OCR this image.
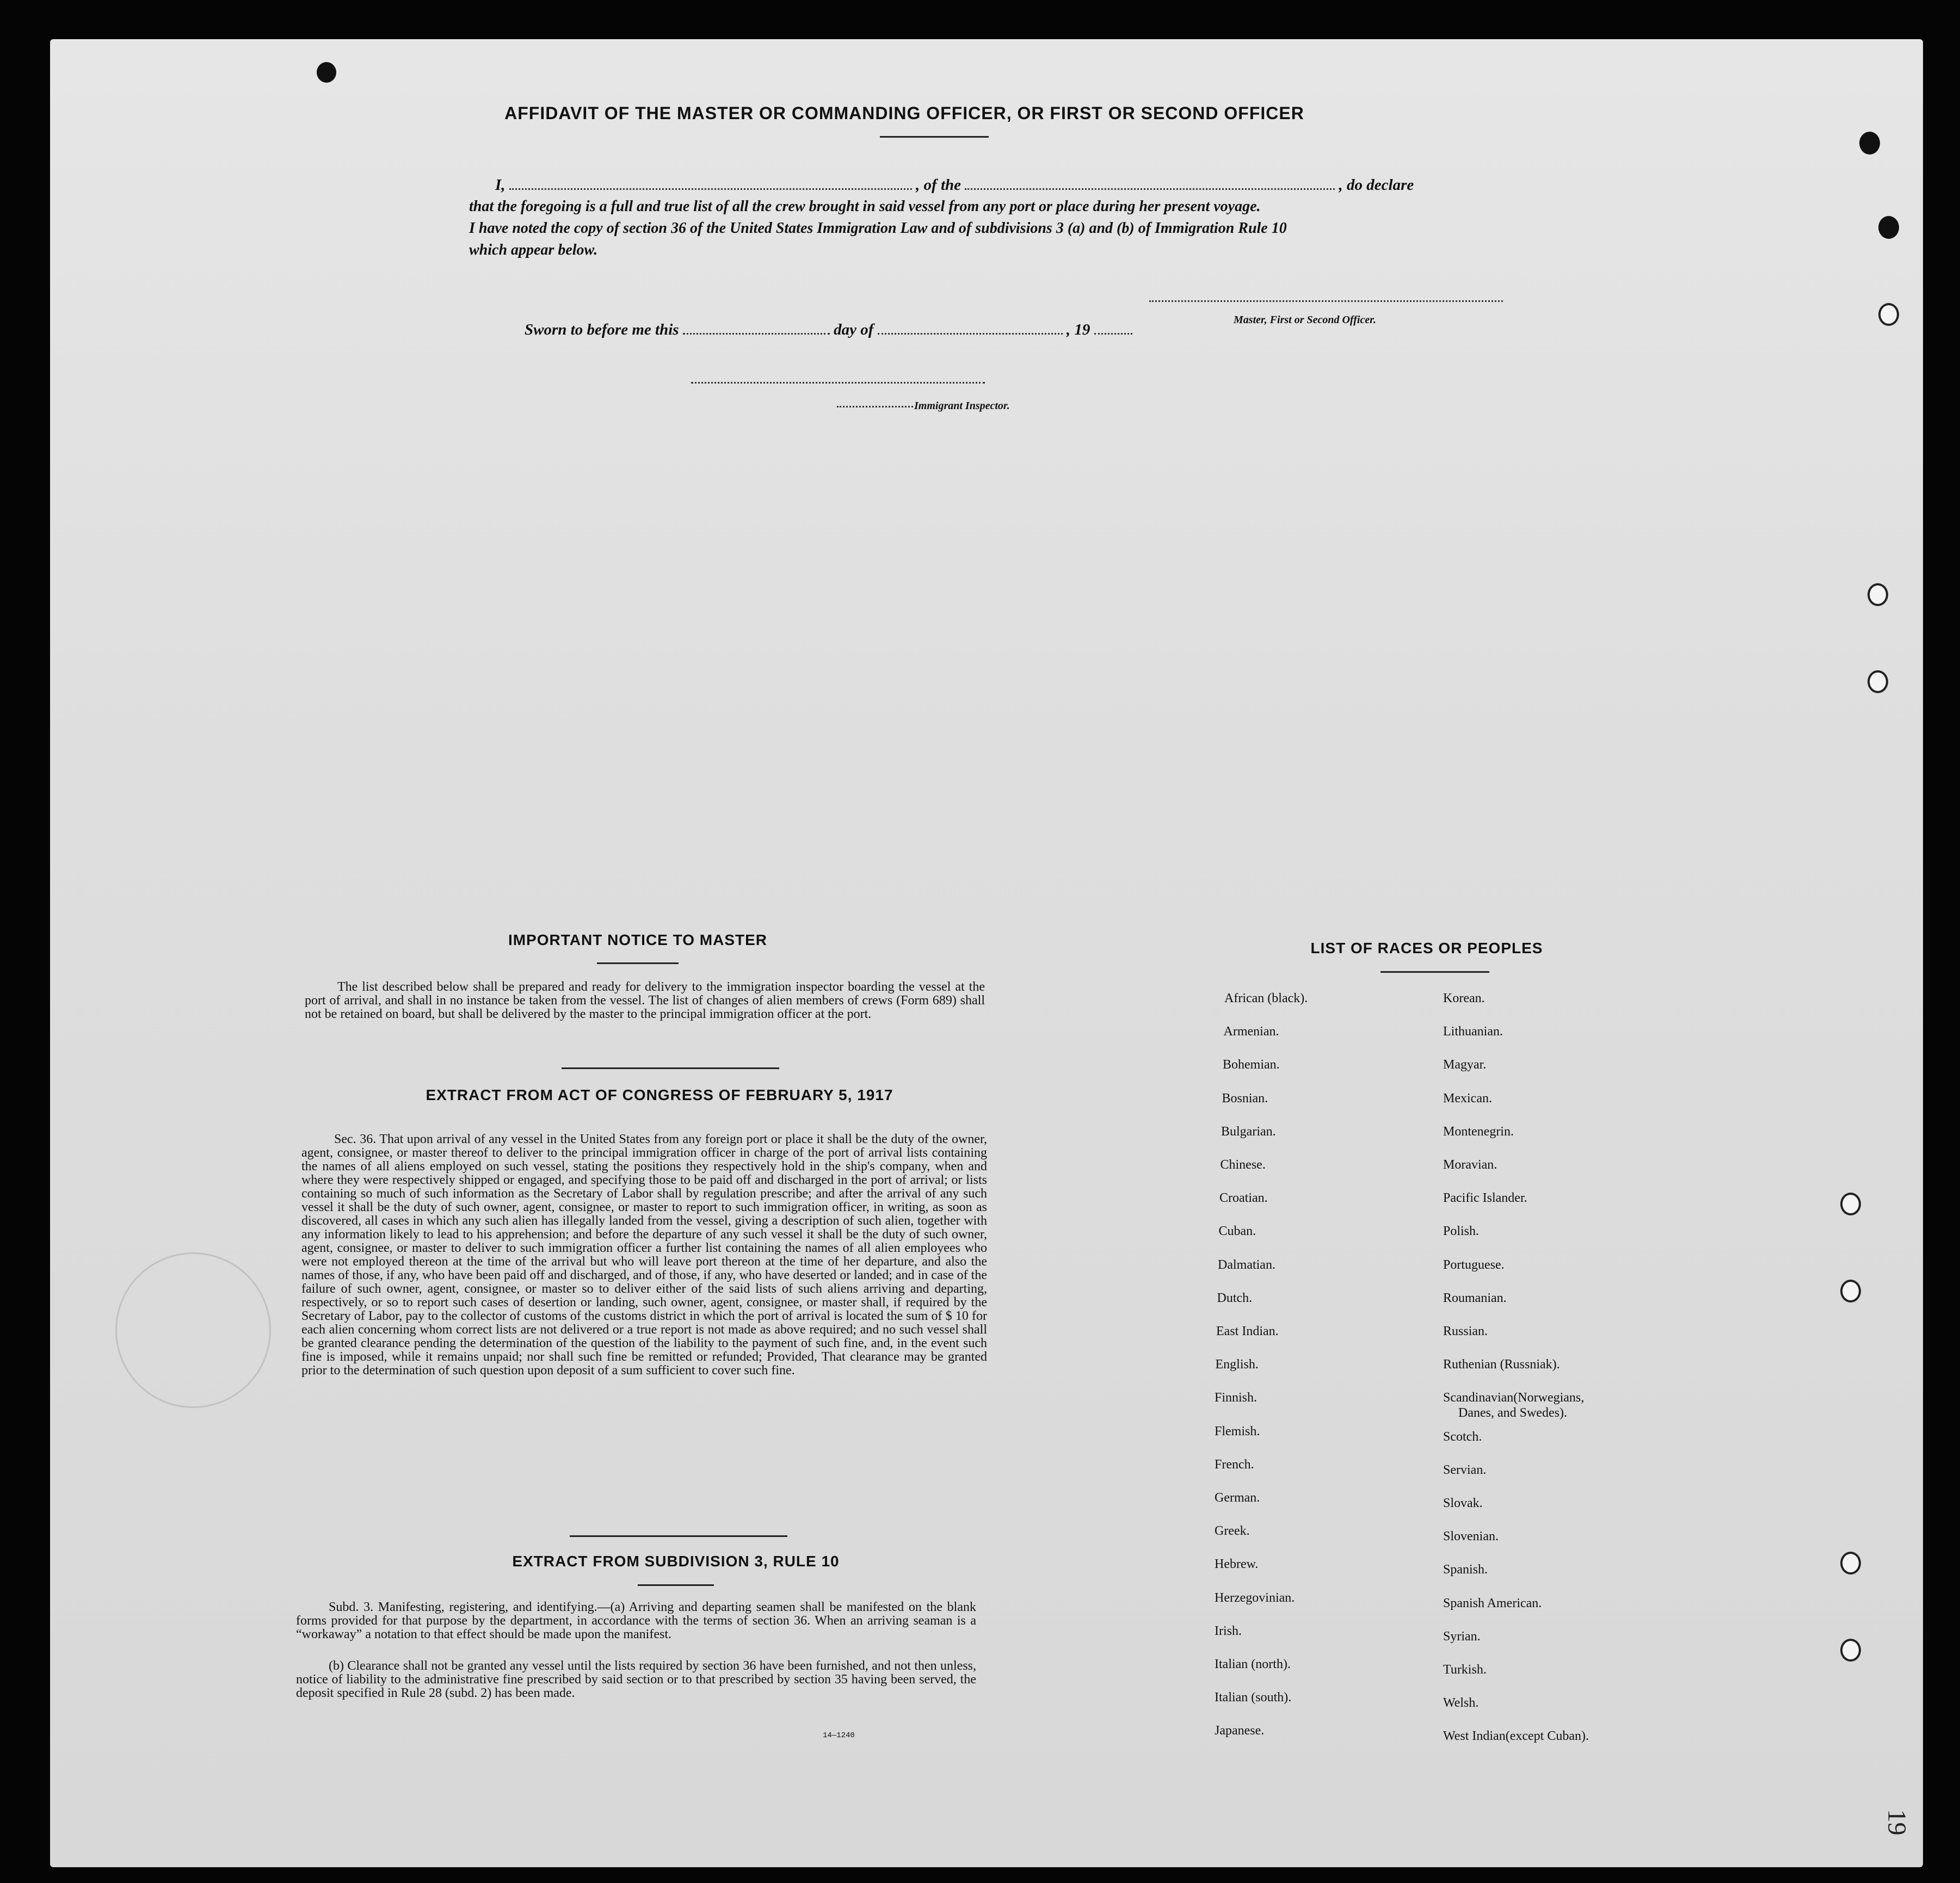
AFFIDAVIT OF THE MASTER OR COMMANDING OFFICER, OR FIRST OR SECOND OFFICER
I,	, of the	, do declare
that the foregoing is a full and true list of all the crew brought in said vessel from any port or place during her present voyage.
I have noted the copy of section 36 of the United States Immigration Law and of subdivisions 3 (a) and (b) of Immigration Rule 10
which appear below.
Master, First or Second Officer.
Sworn to before me this	day of	, 19
Immigrant Inspector.
IMPORTANT NOTICE TO MASTER
The list described below shall be prepared and ready for delivery to the immigration inspector boarding the vessel at the port of arrival, and shall in no instance be taken from the vessel. The list of changes of alien members of crews (Form 689) shall not be retained on board, but shall be delivered by the master to the principal immigration officer at the port.
EXTRACT FROM ACT OF CONGRESS OF FEBRUARY 5, 1917
Sec. 36. That upon arrival of any vessel in the United States from any foreign port or place it shall be the duty of the owner, agent, consignee, or master thereof to deliver to the principal immigration officer in charge of the port of arrival lists containing the names of all aliens employed on such vessel, stating the positions they respectively hold in the ship's company, when and where they were respectively shipped or engaged, and specifying those to be paid off and discharged in the port of arrival; or lists containing so much of such information as the Secretary of Labor shall by regulation prescribe; and after the arrival of any such vessel it shall be the duty of such owner, agent, consignee, or master to report to such immigration officer, in writing, as soon as discovered, all cases in which any such alien has illegally landed from the vessel, giving a description of such alien, together with any information likely to lead to his apprehension; and before the departure of any such vessel it shall be the duty of such owner, agent, consignee, or master to deliver to such immigration officer a further list containing the names of all alien employees who were not employed thereon at the time of the arrival but who will leave port thereon at the time of her departure, and also the names of those, if any, who have been paid off and discharged, and of those, if any, who have deserted or landed; and in case of the failure of such owner, agent, consignee, or master so to deliver either of the said lists of such aliens arriving and departing, respectively, or so to report such cases of desertion or landing, such owner, agent, consignee, or master shall, if required by the Secretary of Labor, pay to the collector of customs of the customs district in which the port of arrival is located the sum of $ 10 for each alien concerning whom correct lists are not delivered or a true report is not made as above required; and no such vessel shall be granted clearance pending the determination of the question of the liability to the payment of such fine, and, in the event such fine is imposed, while it remains unpaid; nor shall such fine be remitted or refunded; Provided, That clearance may be granted prior to the determination of such question upon deposit of a sum sufficient to cover such fine.
EXTRACT FROM SUBDIVISION 3, RULE 10
Subd. 3. Manifesting, registering, and identifying.—(a) Arriving and departing seamen shall be manifested on the blank forms provided for that purpose by the department, in accordance with the terms of section 36. When an arriving seaman is a “workaway” a notation to that effect should be made upon the manifest.
(b) Clearance shall not be granted any vessel until the lists required by section 36 have been furnished, and not then unless, notice of liability to the administrative fine prescribed by said section or to that prescribed by section 35 having been served, the deposit specified in Rule 28 (subd. 2) has been made.
14—1240
LIST OF RACES OR PEOPLES
African (black).
Armenian.
Bohemian.
Bosnian.
Bulgarian.
Chinese.
Croatian.
Cuban.
Dalmatian.
Dutch.
East Indian.
English.
Finnish.
Flemish.
French.
German.
Greek.
Hebrew.
Herzegovinian.
Irish.
Italian (north).
Italian (south).
Japanese.
Korean.
Lithuanian.
Magyar.
Mexican.
Montenegrin.
Moravian.
Pacific Islander.
Polish.
Portuguese.
Roumanian.
Russian.
Ruthenian (Russniak).
Scandinavian(Norwegians,
Scotch.
Servian.
Slovak.
Slovenian.
Spanish.
Spanish American.
Syrian.
Turkish.
Welsh.
West Indian(except Cuban).
Danes, and Swedes).
19
